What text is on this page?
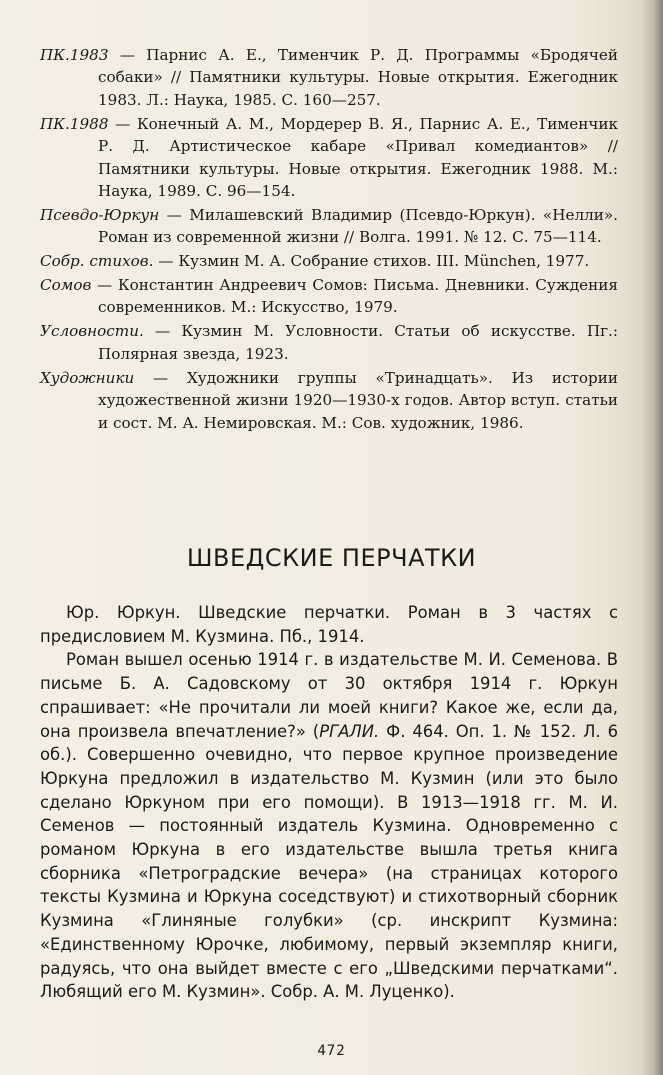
ПК.1983 — Парнис А. Е., Тименчик Р. Д. Программы «Бродячей собаки» // Памятники культуры. Новые открытия. Ежегодник 1983. Л.: Наука, 1985. С. 160—257.

ПК.1988 — Конечный А. М., Мордерер В. Я., Парнис А. Е., Тименчик Р. Д. Артистическое кабаре «Привал комедиантов» // Памятники культуры. Новые открытия. Ежегодник 1988. М.: Наука, 1989. С. 96—154.

Псевдо-Юркун — Милашевский Владимир (Псевдо-Юркун). «Нелли». Роман из современной жизни // Волга. 1991. № 12. С. 75—114.

Собр. стихов. — Кузмин М. А. Собрание стихов. III. München, 1977.

Сомов — Константин Андреевич Сомов: Письма. Дневники. Суждения современников. М.: Искусство, 1979.

Условности. — Кузмин М. Условности. Статьи об искусстве. Пг.: Полярная звезда, 1923.

Художники — Художники группы «Тринадцать». Из истории художественной жизни 1920—1930-х годов. Автор вступ. статьи и сост. М. А. Немировская. М.: Сов. художник, 1986.

ШВЕДСКИЕ ПЕРЧАТКИ

Юр. Юркун. Шведские перчатки. Роман в 3 частях с предисловием М. Кузмина. Пб., 1914.

Роман вышел осенью 1914 г. в издательстве М. И. Семенова. В письме Б. А. Садовскому от 30 октября 1914 г. Юркун спрашивает: «Не прочитали ли моей книги? Какое же, если да, она произвела впечатление?» (РГАЛИ. Ф. 464. Оп. 1. № 152. Л. 6 об.). Совершенно очевидно, что первое крупное произведение Юркуна предложил в издательство М. Кузмин (или это было сделано Юркуном при его помощи). В 1913—1918 гг. М. И. Семенов — постоянный издатель Кузмина. Одновременно с романом Юркуна в его издательстве вышла третья книга сборника «Петроградские вечера» (на страницах которого тексты Кузмина и Юркуна соседствуют) и стихотворный сборник Кузмина «Глиняные голубки» (ср. инскрипт Кузмина: «Единственному Юрочке, любимому, первый экземпляр книги, радуясь, что она выйдет вместе с его „Шведскими перчатками“. Любящий его М. Кузмин». Собр. А. М. Луценко).

472
